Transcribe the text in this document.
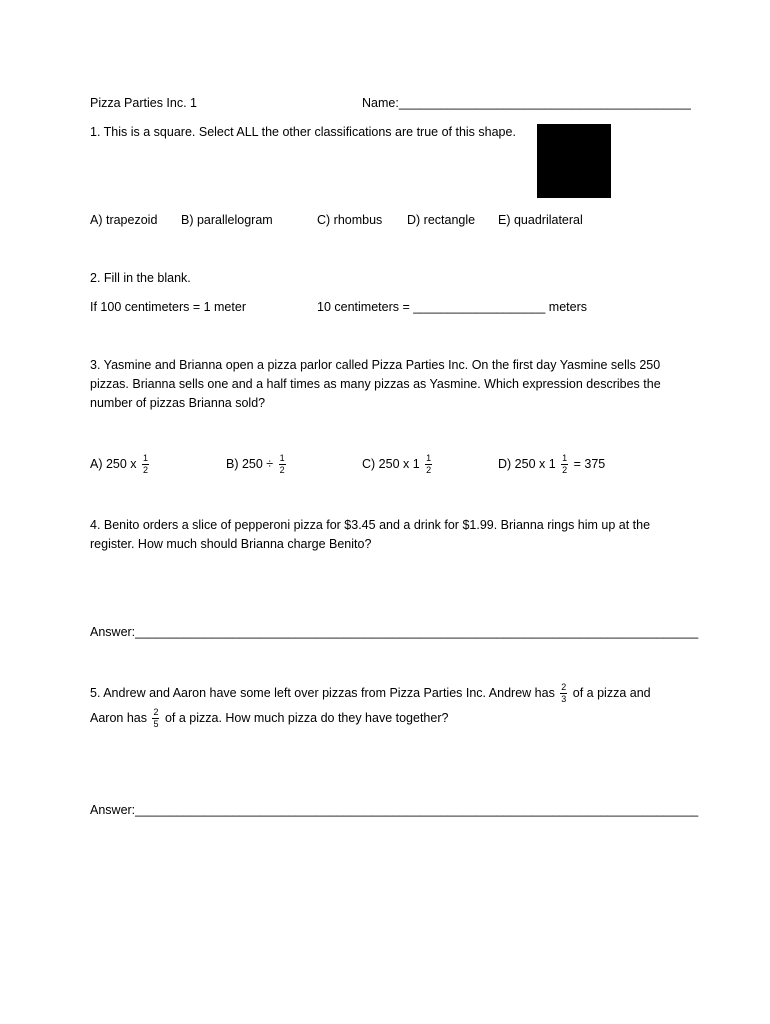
Pizza Parties Inc. 1	Name:__________________________________________
1. This is a square. Select ALL the other classifications are true of this shape.
A) trapezoid B) parallelogram	C) rhombus D) rectangle E) quadrilateral
2. Fill in the blank.
If 100 centimeters = 1 meter	10 centimeters = ___________________ meters
3. Yasmine and Brianna open a pizza parlor called Pizza Parties Inc. On the first day Yasmine sells 250 pizzas. Brianna sells one and a half times as many pizzas as Yasmine. Which expression describes the number of pizzas Brianna sold?
A) 250 x $\frac{1}{2}$	B) $250 \div \frac{1}{2}$	C) 250 x $1 \frac{1}{2}$	D) 250 x $1 \frac{1}{2} = 375$
4. Benito orders a slice of pepperoni pizza for $3.45 and a drink for $1.99. Brianna rings him up at the register. How much should Brianna charge Benito?
Answer:_________________________________________________________________________________
5. Andrew and Aaron have some left over pizzas from Pizza Parties Inc. Andrew has $\frac{2}{3}$ of a pizza and
Aaron has $\frac{2}{5}$ of a pizza. How much pizza do they have together?
Answer:_________________________________________________________________________________
